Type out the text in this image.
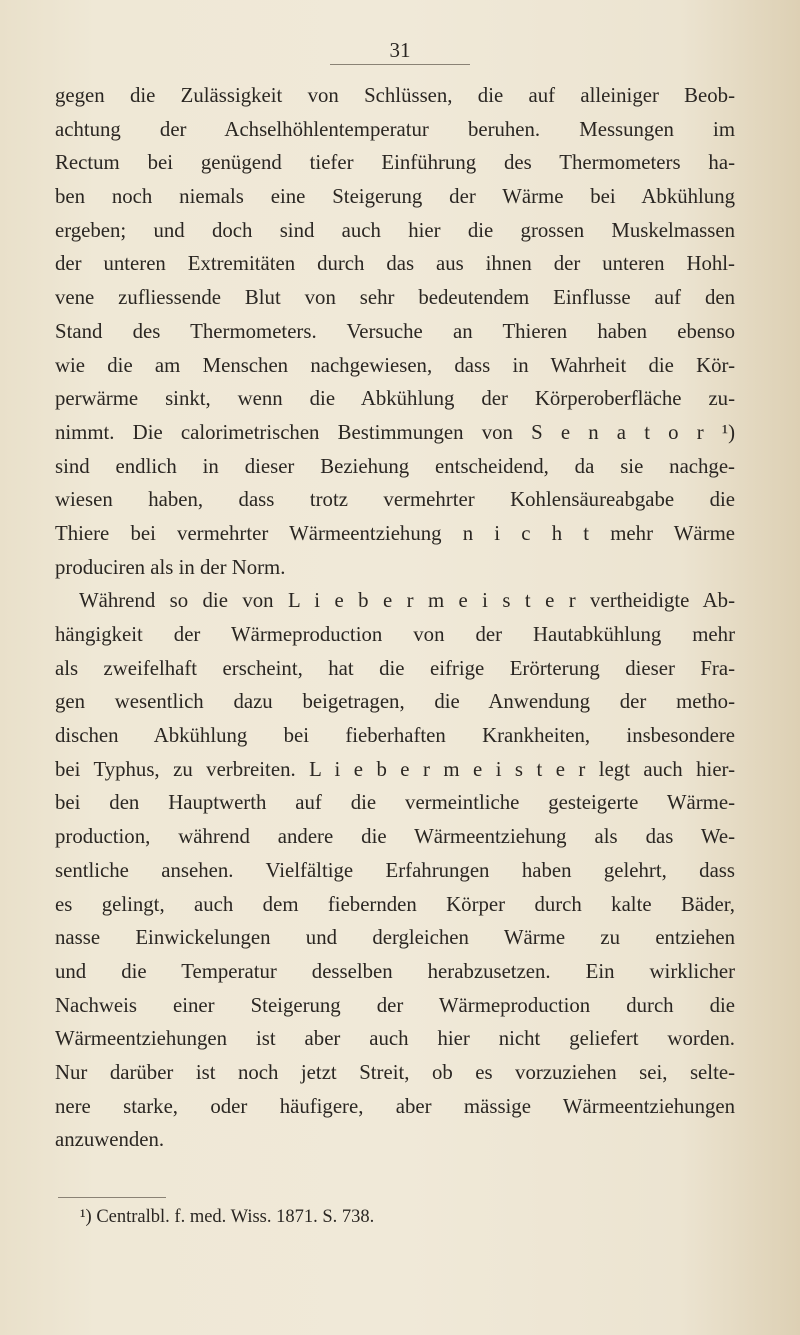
31
gegen die Zulässigkeit von Schlüssen, die auf alleiniger Beob-
achtung der Achselhöhlentemperatur beruhen. Messungen im
Rectum bei genügend tiefer Einführung des Thermometers ha-
ben noch niemals eine Steigerung der Wärme bei Abkühlung
ergeben; und doch sind auch hier die grossen Muskelmassen
der unteren Extremitäten durch das aus ihnen der unteren Hohl-
vene zufliessende Blut von sehr bedeutendem Einflusse auf den
Stand des Thermometers. Versuche an Thieren haben ebenso
wie die am Menschen nachgewiesen, dass in Wahrheit die Kör-
perwärme sinkt, wenn die Abkühlung der Körperoberfläche zu-
nimmt. Die calorimetrischen Bestimmungen von S e n a t o r ¹)
sind endlich in dieser Beziehung entscheidend, da sie nachge-
wiesen haben, dass trotz vermehrter Kohlensäureabgabe die
Thiere bei vermehrter Wärmeentziehung n i c h t mehr Wärme
produciren als in der Norm.
Während so die von L i e b e r m e i s t e r vertheidigte Ab-
hängigkeit der Wärmeproduction von der Hautabkühlung mehr
als zweifelhaft erscheint, hat die eifrige Erörterung dieser Fra-
gen wesentlich dazu beigetragen, die Anwendung der metho-
dischen Abkühlung bei fieberhaften Krankheiten, insbesondere
bei Typhus, zu verbreiten. L i e b e r m e i s t e r legt auch hier-
bei den Hauptwerth auf die vermeintliche gesteigerte Wärme-
production, während andere die Wärmeentziehung als das We-
sentliche ansehen. Vielfältige Erfahrungen haben gelehrt, dass
es gelingt, auch dem fiebernden Körper durch kalte Bäder,
nasse Einwickelungen und dergleichen Wärme zu entziehen
und die Temperatur desselben herabzusetzen. Ein wirklicher
Nachweis einer Steigerung der Wärmeproduction durch die
Wärmeentziehungen ist aber auch hier nicht geliefert worden.
Nur darüber ist noch jetzt Streit, ob es vorzuziehen sei, selte-
nere starke, oder häufigere, aber mässige Wärmeentziehungen
anzuwenden.
¹) Centralbl. f. med. Wiss. 1871. S. 738.
